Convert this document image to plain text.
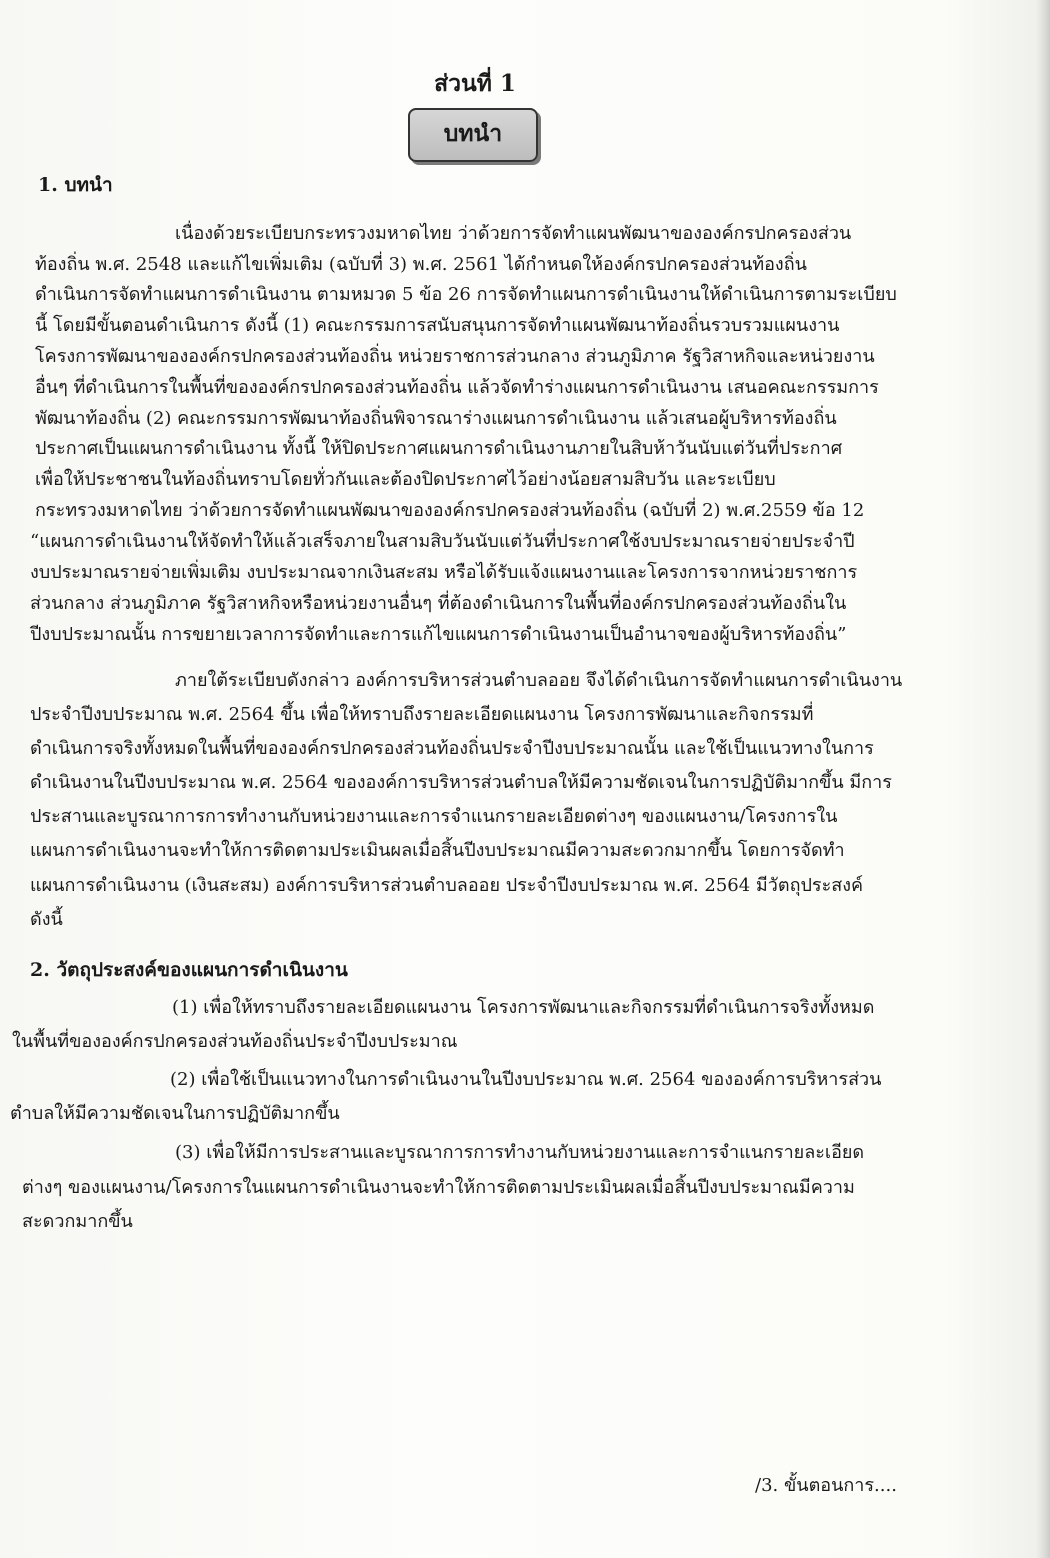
ส่วนที่ 1
บทนำ
1. บทนำ
เนื่องด้วยระเบียบกระทรวงมหาดไทย ว่าด้วยการจัดทำแผนพัฒนาขององค์กรปกครองส่วน
ท้องถิ่น พ.ศ. 2548 และแก้ไขเพิ่มเติม (ฉบับที่ 3) พ.ศ. 2561 ได้กำหนดให้องค์กรปกครองส่วนท้องถิ่น
ดำเนินการจัดทำแผนการดำเนินงาน ตามหมวด 5 ข้อ 26 การจัดทำแผนการดำเนินงานให้ดำเนินการตามระเบียบ
นี้ โดยมีขั้นตอนดำเนินการ ดังนี้ (1) คณะกรรมการสนับสนุนการจัดทำแผนพัฒนาท้องถิ่นรวบรวมแผนงาน
โครงการพัฒนาขององค์กรปกครองส่วนท้องถิ่น หน่วยราชการส่วนกลาง ส่วนภูมิภาค รัฐวิสาหกิจและหน่วยงาน
อื่นๆ ที่ดำเนินการในพื้นที่ขององค์กรปกครองส่วนท้องถิ่น แล้วจัดทำร่างแผนการดำเนินงาน เสนอคณะกรรมการ
พัฒนาท้องถิ่น (2) คณะกรรมการพัฒนาท้องถิ่นพิจารณาร่างแผนการดำเนินงาน แล้วเสนอผู้บริหารท้องถิ่น
ประกาศเป็นแผนการดำเนินงาน ทั้งนี้ ให้ปิดประกาศแผนการดำเนินงานภายในสิบห้าวันนับแต่วันที่ประกาศ
เพื่อให้ประชาชนในท้องถิ่นทราบโดยทั่วกันและต้องปิดประกาศไว้อย่างน้อยสามสิบวัน และระเบียบ
กระทรวงมหาดไทย ว่าด้วยการจัดทำแผนพัฒนาขององค์กรปกครองส่วนท้องถิ่น (ฉบับที่ 2) พ.ศ.2559 ข้อ 12
“แผนการดำเนินงานให้จัดทำให้แล้วเสร็จภายในสามสิบวันนับแต่วันที่ประกาศใช้งบประมาณรายจ่ายประจำปี
งบประมาณรายจ่ายเพิ่มเติม งบประมาณจากเงินสะสม หรือได้รับแจ้งแผนงานและโครงการจากหน่วยราชการ
ส่วนกลาง ส่วนภูมิภาค รัฐวิสาหกิจหรือหน่วยงานอื่นๆ ที่ต้องดำเนินการในพื้นที่องค์กรปกครองส่วนท้องถิ่นใน
ปีงบประมาณนั้น การขยายเวลาการจัดทำและการแก้ไขแผนการดำเนินงานเป็นอำนาจของผู้บริหารท้องถิ่น”
ภายใต้ระเบียบดังกล่าว องค์การบริหารส่วนตำบลออย จึงได้ดำเนินการจัดทำแผนการดำเนินงาน
ประจำปีงบประมาณ พ.ศ. 2564 ขึ้น เพื่อให้ทราบถึงรายละเอียดแผนงาน โครงการพัฒนาและกิจกรรมที่
ดำเนินการจริงทั้งหมดในพื้นที่ขององค์กรปกครองส่วนท้องถิ่นประจำปีงบประมาณนั้น และใช้เป็นแนวทางในการ
ดำเนินงานในปีงบประมาณ พ.ศ. 2564 ขององค์การบริหารส่วนตำบลให้มีความชัดเจนในการปฏิบัติมากขึ้น มีการ
ประสานและบูรณาการการทำงานกับหน่วยงานและการจำแนกรายละเอียดต่างๆ ของแผนงาน/โครงการใน
แผนการดำเนินงานจะทำให้การติดตามประเมินผลเมื่อสิ้นปีงบประมาณมีความสะดวกมากขึ้น โดยการจัดทำ
แผนการดำเนินงาน (เงินสะสม) องค์การบริหารส่วนตำบลออย ประจำปีงบประมาณ พ.ศ. 2564 มีวัตถุประสงค์
ดังนี้
2. วัตถุประสงค์ของแผนการดำเนินงาน
(1) เพื่อให้ทราบถึงรายละเอียดแผนงาน โครงการพัฒนาและกิจกรรมที่ดำเนินการจริงทั้งหมด
ในพื้นที่ขององค์กรปกครองส่วนท้องถิ่นประจำปีงบประมาณ
(2) เพื่อใช้เป็นแนวทางในการดำเนินงานในปีงบประมาณ พ.ศ. 2564 ขององค์การบริหารส่วน
ตำบลให้มีความชัดเจนในการปฏิบัติมากขึ้น
(3) เพื่อให้มีการประสานและบูรณาการการทำงานกับหน่วยงานและการจำแนกรายละเอียด
ต่างๆ ของแผนงาน/โครงการในแผนการดำเนินงานจะทำให้การติดตามประเมินผลเมื่อสิ้นปีงบประมาณมีความ
สะดวกมากขึ้น
/3. ขั้นตอนการ....
